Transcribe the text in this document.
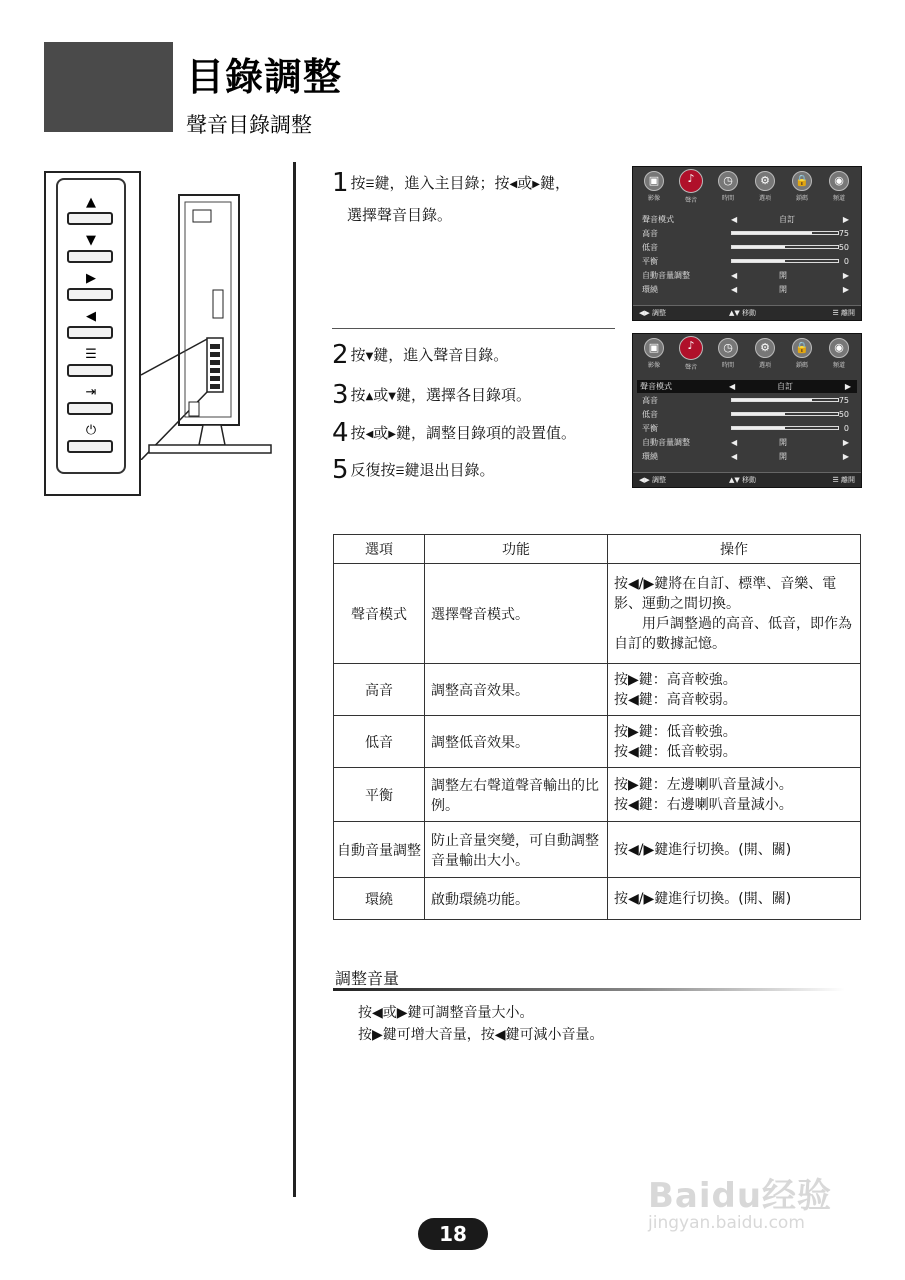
目錄調整
聲音目錄調整
▲
▼
▶
◀
☰
⇥
⏻
1 按☰鍵，進入主目錄；按◀或▶鍵，
選擇聲音目錄。
2 按▼鍵，進入聲音目錄。
3 按▲或▼鍵，選擇各目錄項。
4 按◀或▶鍵，調整目錄項的設置值。
5 反復按☰鍵退出目錄。
▣
影像
♪
聲音
◷
時間
⚙
選項
🔒
鎖碼
◉
頻道
聲音模式	◀	自訂	▶
高音	75
低音	50
平衡	0
自動音量調整	◀	開	▶
環繞	◀	開	▶
◀▶ 調整	▲▼ 移動	☰ 離開
▣
影像
♪
聲音
◷
時間
⚙
選項
🔒
鎖碼
◉
頻道
聲音模式	◀	自訂	▶
高音	75
低音	50
平衡	0
自動音量調整	◀	開	▶
環繞	◀	開	▶
◀▶ 調整	▲▼ 移動	☰ 離開
選項	功能	操作
聲音模式	選擇聲音模式。	按◀/▶鍵將在自訂、標準、音樂、電影、運動之間切換。
　　用戶調整過的高音、低音，即作為自訂的數據記憶。

高音	調整高音效果。	按▶鍵：高音較強。
按◀鍵：高音較弱。

低音	調整低音效果。	按▶鍵：低音較強。
按◀鍵：低音較弱。

平衡	調整左右聲道聲音輸出的比例。	按▶鍵：左邊喇叭音量減小。
按◀鍵：右邊喇叭音量減小。

自動音量調整	防止音量突變，可自動調整音量輸出大小。	按◀/▶鍵進行切換。(開、關)

環繞	啟動環繞功能。	按◀/▶鍵進行切換。(開、關)
調整音量
按◀或▶鍵可調整音量大小。
按▶鍵可增大音量，按◀鍵可減小音量。
18
Baidu经验
jingyan.baidu.com
